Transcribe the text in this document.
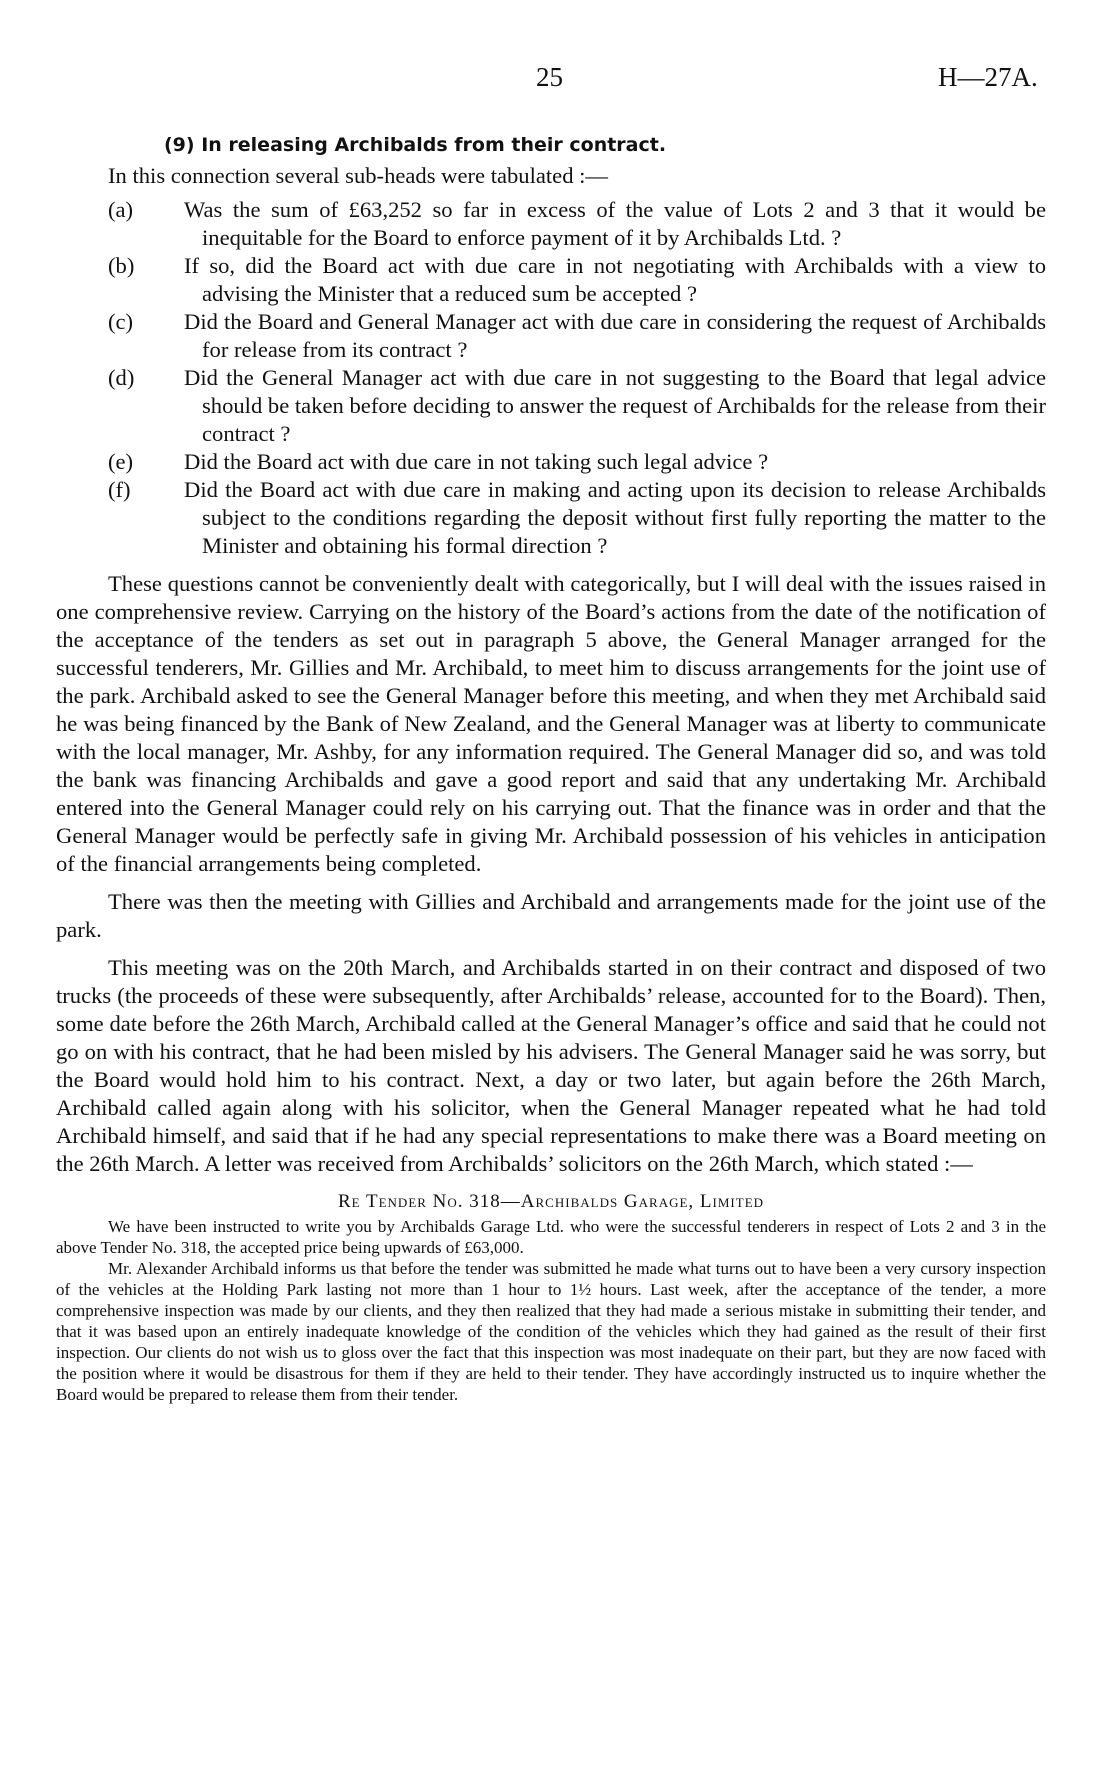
25	H—27A.
(9) In releasing Archibalds from their contract.

In this connection several sub-heads were tabulated :—

(a) Was the sum of £63,252 so far in excess of the value of Lots 2 and 3 that it would be inequitable for the Board to enforce payment of it by Archibalds Ltd. ?
(b) If so, did the Board act with due care in not negotiating with Archibalds with a view to advising the Minister that a reduced sum be accepted ?
(c) Did the Board and General Manager act with due care in considering the request of Archibalds for release from its contract ?
(d) Did the General Manager act with due care in not suggesting to the Board that legal advice should be taken before deciding to answer the request of Archibalds for the release from their contract ?
(e) Did the Board act with due care in not taking such legal advice ?
(f) Did the Board act with due care in making and acting upon its decision to release Archibalds subject to the conditions regarding the deposit without first fully reporting the matter to the Minister and obtaining his formal direction ?

These questions cannot be conveniently dealt with categorically, but I will deal with the issues raised in one comprehensive review. Carrying on the history of the Board’s actions from the date of the notification of the acceptance of the tenders as set out in paragraph 5 above, the General Manager arranged for the successful tenderers, Mr. Gillies and Mr. Archibald, to meet him to discuss arrangements for the joint use of the park. Archibald asked to see the General Manager before this meeting, and when they met Archibald said he was being financed by the Bank of New Zealand, and the General Manager was at liberty to communicate with the local manager, Mr. Ashby, for any information required. The General Manager did so, and was told the bank was financing Archibalds and gave a good report and said that any undertaking Mr. Archibald entered into the General Manager could rely on his carrying out. That the finance was in order and that the General Manager would be perfectly safe in giving Mr. Archibald possession of his vehicles in anticipation of the financial arrangements being completed.

There was then the meeting with Gillies and Archibald and arrangements made for the joint use of the park.

This meeting was on the 20th March, and Archibalds started in on their contract and disposed of two trucks (the proceeds of these were subsequently, after Archibalds’ release, accounted for to the Board). Then, some date before the 26th March, Archibald called at the General Manager’s office and said that he could not go on with his contract, that he had been misled by his advisers. The General Manager said he was sorry, but the Board would hold him to his contract. Next, a day or two later, but again before the 26th March, Archibald called again along with his solicitor, when the General Manager repeated what he had told Archibald himself, and said that if he had any special representations to make there was a Board meeting on the 26th March. A letter was received from Archibalds’ solicitors on the 26th March, which stated :—

Re Tender No. 318—Archibalds Garage, Limited

We have been instructed to write you by Archibalds Garage Ltd. who were the successful tenderers in respect of Lots 2 and 3 in the above Tender No. 318, the accepted price being upwards of £63,000.

Mr. Alexander Archibald informs us that before the tender was submitted he made what turns out to have been a very cursory inspection of the vehicles at the Holding Park lasting not more than 1 hour to 1½ hours. Last week, after the acceptance of the tender, a more comprehensive inspection was made by our clients, and they then realized that they had made a serious mistake in submitting their tender, and that it was based upon an entirely inadequate knowledge of the condition of the vehicles which they had gained as the result of their first inspection. Our clients do not wish us to gloss over the fact that this inspection was most inadequate on their part, but they are now faced with the position where it would be disastrous for them if they are held to their tender. They have accordingly instructed us to inquire whether the Board would be prepared to release them from their tender.
